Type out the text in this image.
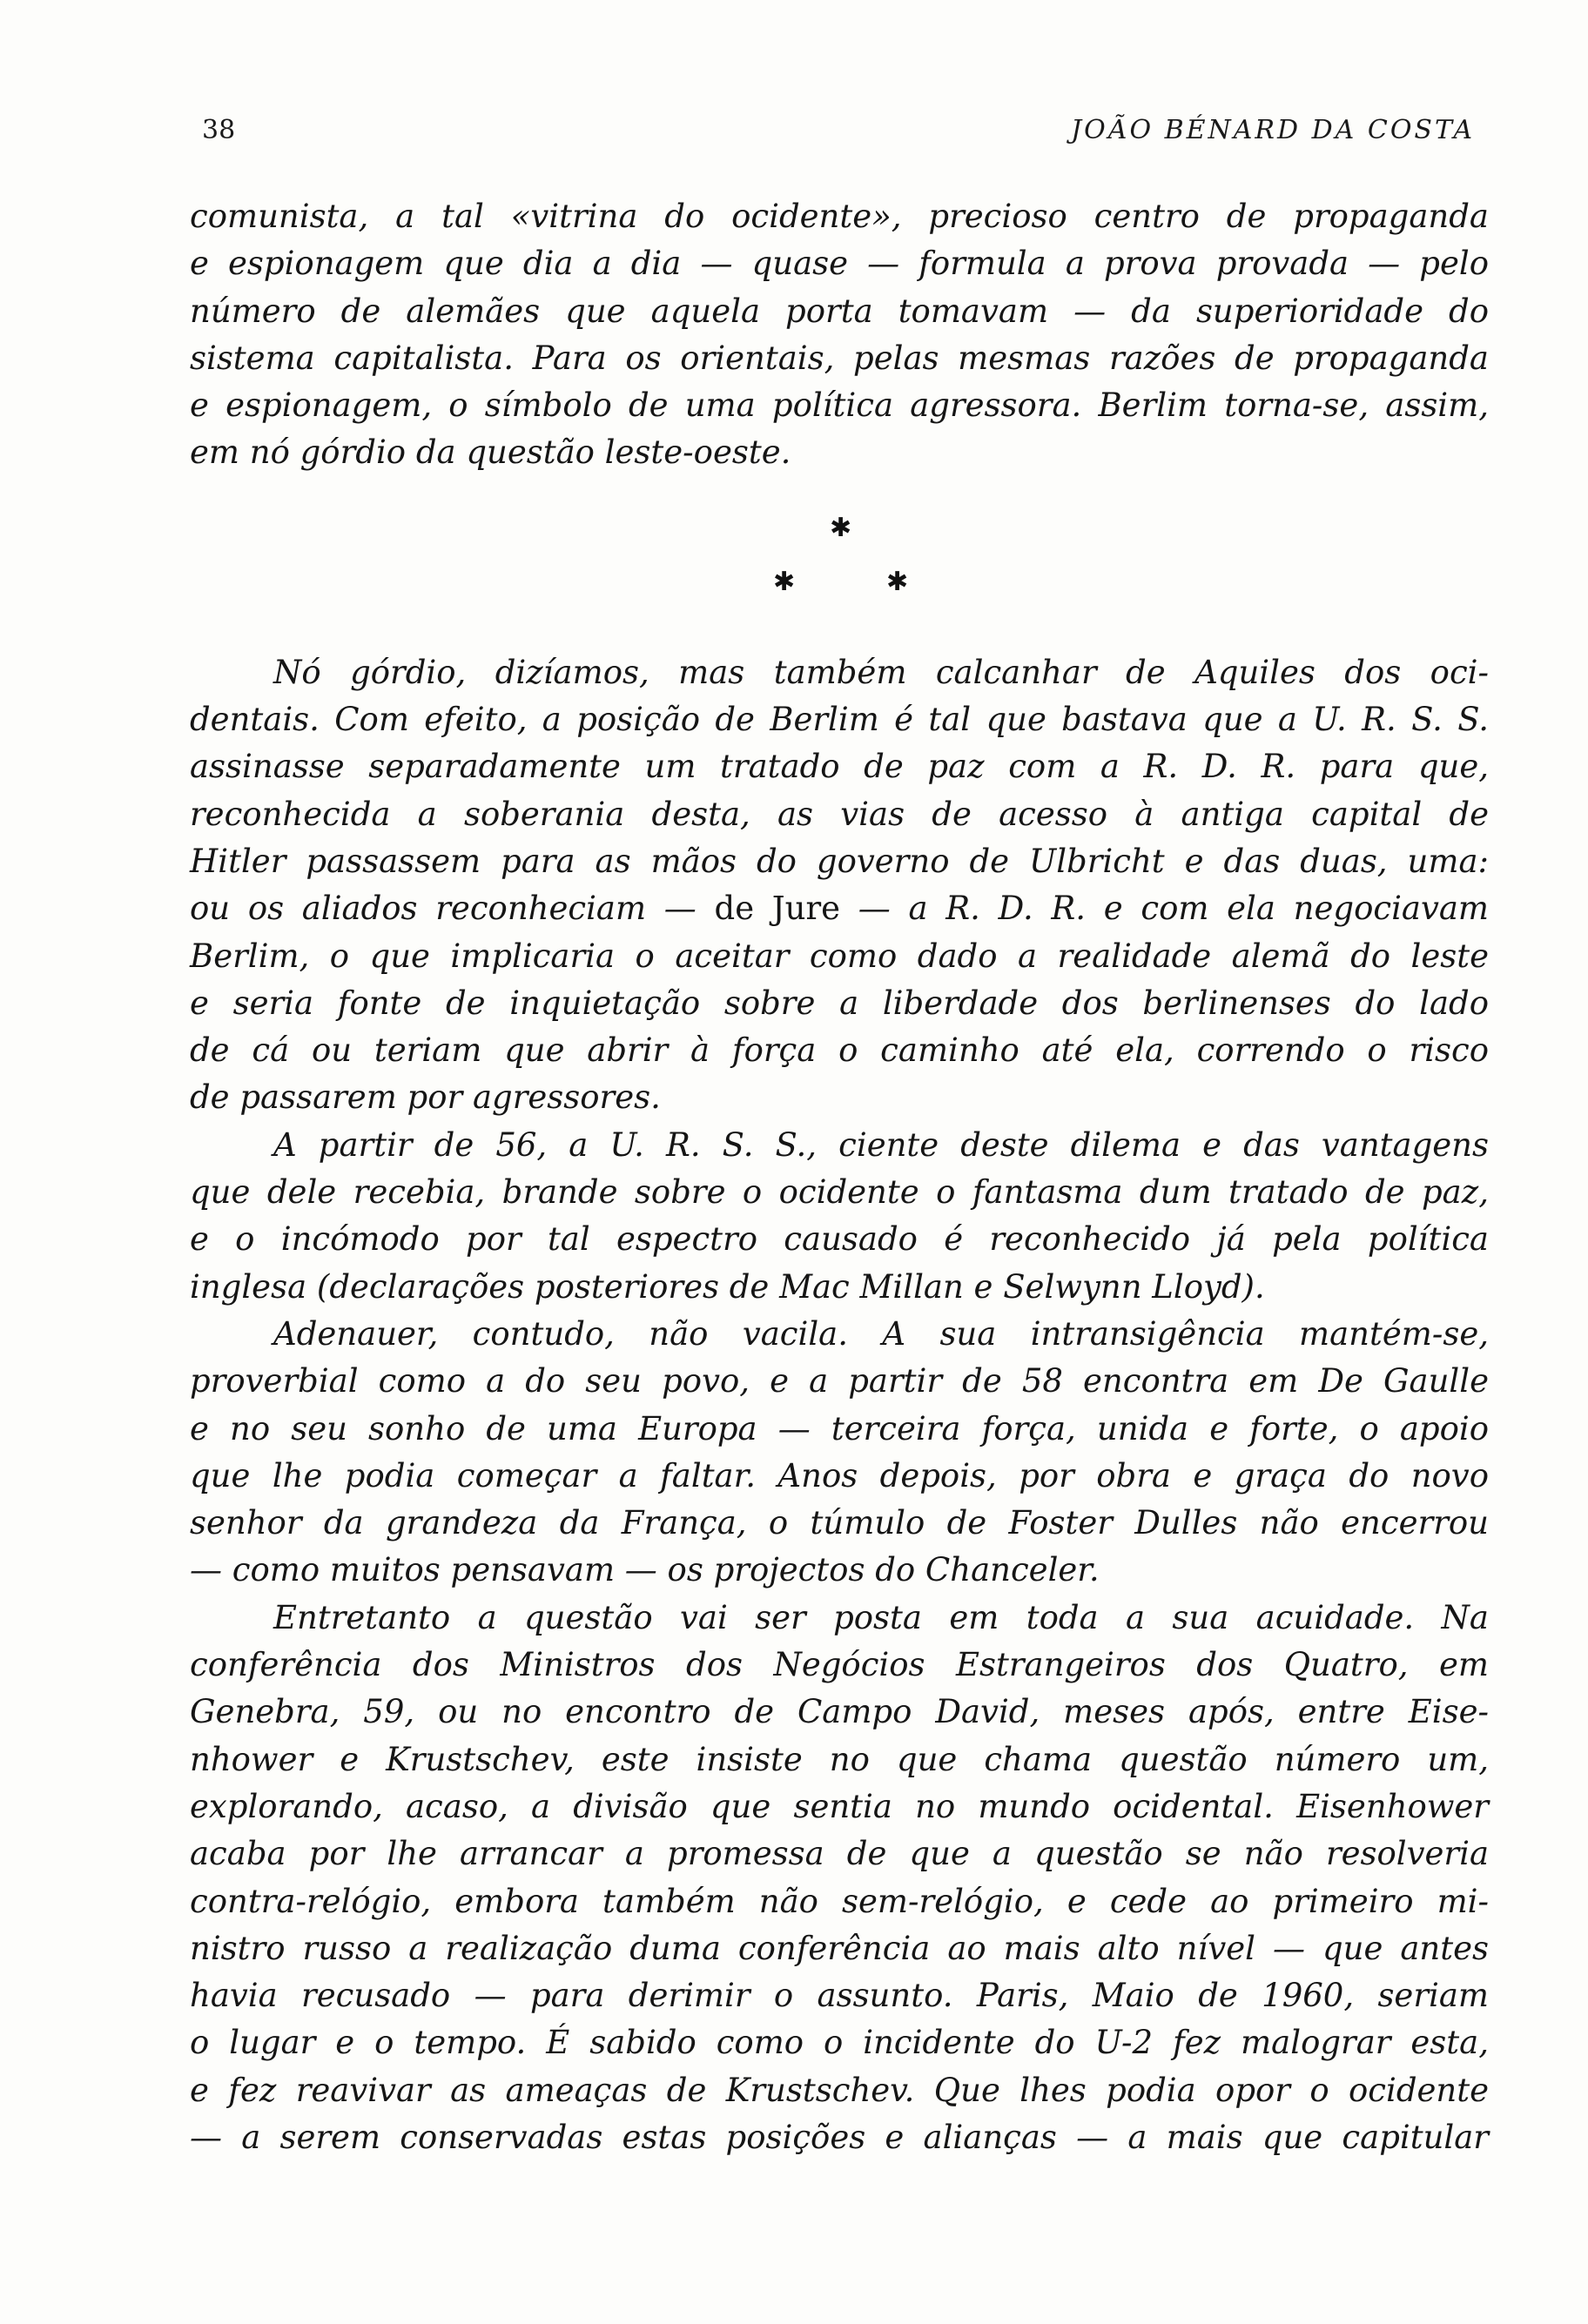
38	JOÃO BÉNARD DA COSTA
comunista, a tal «vitrina do ocidente», precioso centro de propaganda
e espionagem que dia a dia — quase — formula a prova provada — pelo
número de alemães que aquela porta tomavam — da superioridade do
sistema capitalista. Para os orientais, pelas mesmas razões de propaganda
e espionagem, o símbolo de uma política agressora. Berlim torna-se, assim,
em nó górdio da questão leste-oeste.
✱
✱	✱
Nó górdio, dizíamos, mas também calcanhar de Aquiles dos oci-
dentais. Com efeito, a posição de Berlim é tal que bastava que a U. R. S. S.
assinasse separadamente um tratado de paz com a R. D. R. para que,
reconhecida a soberania desta, as vias de acesso à antiga capital de
Hitler passassem para as mãos do governo de Ulbricht e das duas, uma:
ou os aliados reconheciam — de Jure — a R. D. R. e com ela negociavam
Berlim, o que implicaria o aceitar como dado a realidade alemã do leste
e seria fonte de inquietação sobre a liberdade dos berlinenses do lado
de cá ou teriam que abrir à força o caminho até ela, correndo o risco
de passarem por agressores.
A partir de 56, a U. R. S. S., ciente deste dilema e das vantagens
que dele recebia, brande sobre o ocidente o fantasma dum tratado de paz,
e o incómodo por tal espectro causado é reconhecido já pela política
inglesa (declarações posteriores de Mac Millan e Selwynn Lloyd).
Adenauer, contudo, não vacila. A sua intransigência mantém-se,
proverbial como a do seu povo, e a partir de 58 encontra em De Gaulle
e no seu sonho de uma Europa — terceira força, unida e forte, o apoio
que lhe podia começar a faltar. Anos depois, por obra e graça do novo
senhor da grandeza da França, o túmulo de Foster Dulles não encerrou
— como muitos pensavam — os projectos do Chanceler.
Entretanto a questão vai ser posta em toda a sua acuidade. Na
conferência dos Ministros dos Negócios Estrangeiros dos Quatro, em
Genebra, 59, ou no encontro de Campo David, meses após, entre Eise-
nhower e Krustschev, este insiste no que chama questão número um,
explorando, acaso, a divisão que sentia no mundo ocidental. Eisenhower
acaba por lhe arrancar a promessa de que a questão se não resolveria
contra-relógio, embora também não sem-relógio, e cede ao primeiro mi-
nistro russo a realização duma conferência ao mais alto nível — que antes
havia recusado — para derimir o assunto. Paris, Maio de 1960, seriam
o lugar e o tempo. É sabido como o incidente do U-2 fez malograr esta,
e fez reavivar as ameaças de Krustschev. Que lhes podia opor o ocidente
— a serem conservadas estas posições e alianças — a mais que capitular
